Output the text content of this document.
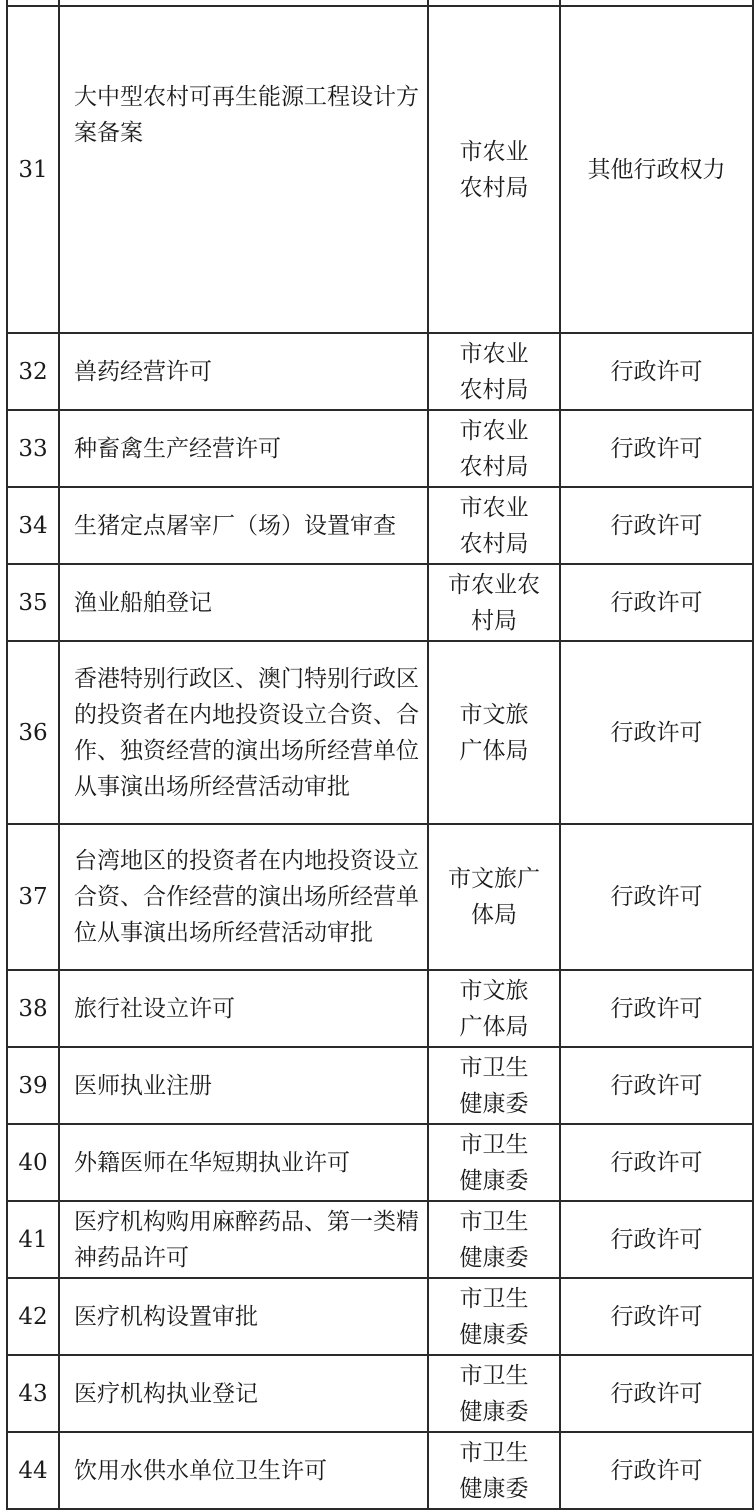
31	大中型农村可再生能源工程设计方案备案	市农业农村局	其他行政权力
32	兽药经营许可	市农业农村局	行政许可
33	种畜禽生产经营许可	市农业农村局	行政许可
34	生猪定点屠宰厂（场）设置审查	市农业农村局	行政许可
35	渔业船舶登记	市农业农村局	行政许可
36	香港特别行政区、澳门特别行政区的投资者在内地投资设立合资、合作、独资经营的演出场所经营单位从事演出场所经营活动审批	市文旅广体局	行政许可
37	台湾地区的投资者在内地投资设立合资、合作经营的演出场所经营单位从事演出场所经营活动审批	市文旅广体局	行政许可
38	旅行社设立许可	市文旅广体局	行政许可
39	医师执业注册	市卫生健康委	行政许可
40	外籍医师在华短期执业许可	市卫生健康委	行政许可
41	医疗机构购用麻醉药品、第一类精神药品许可	市卫生健康委	行政许可
42	医疗机构设置审批	市卫生健康委	行政许可
43	医疗机构执业登记	市卫生健康委	行政许可
44	饮用水供水单位卫生许可	市卫生健康委	行政许可
